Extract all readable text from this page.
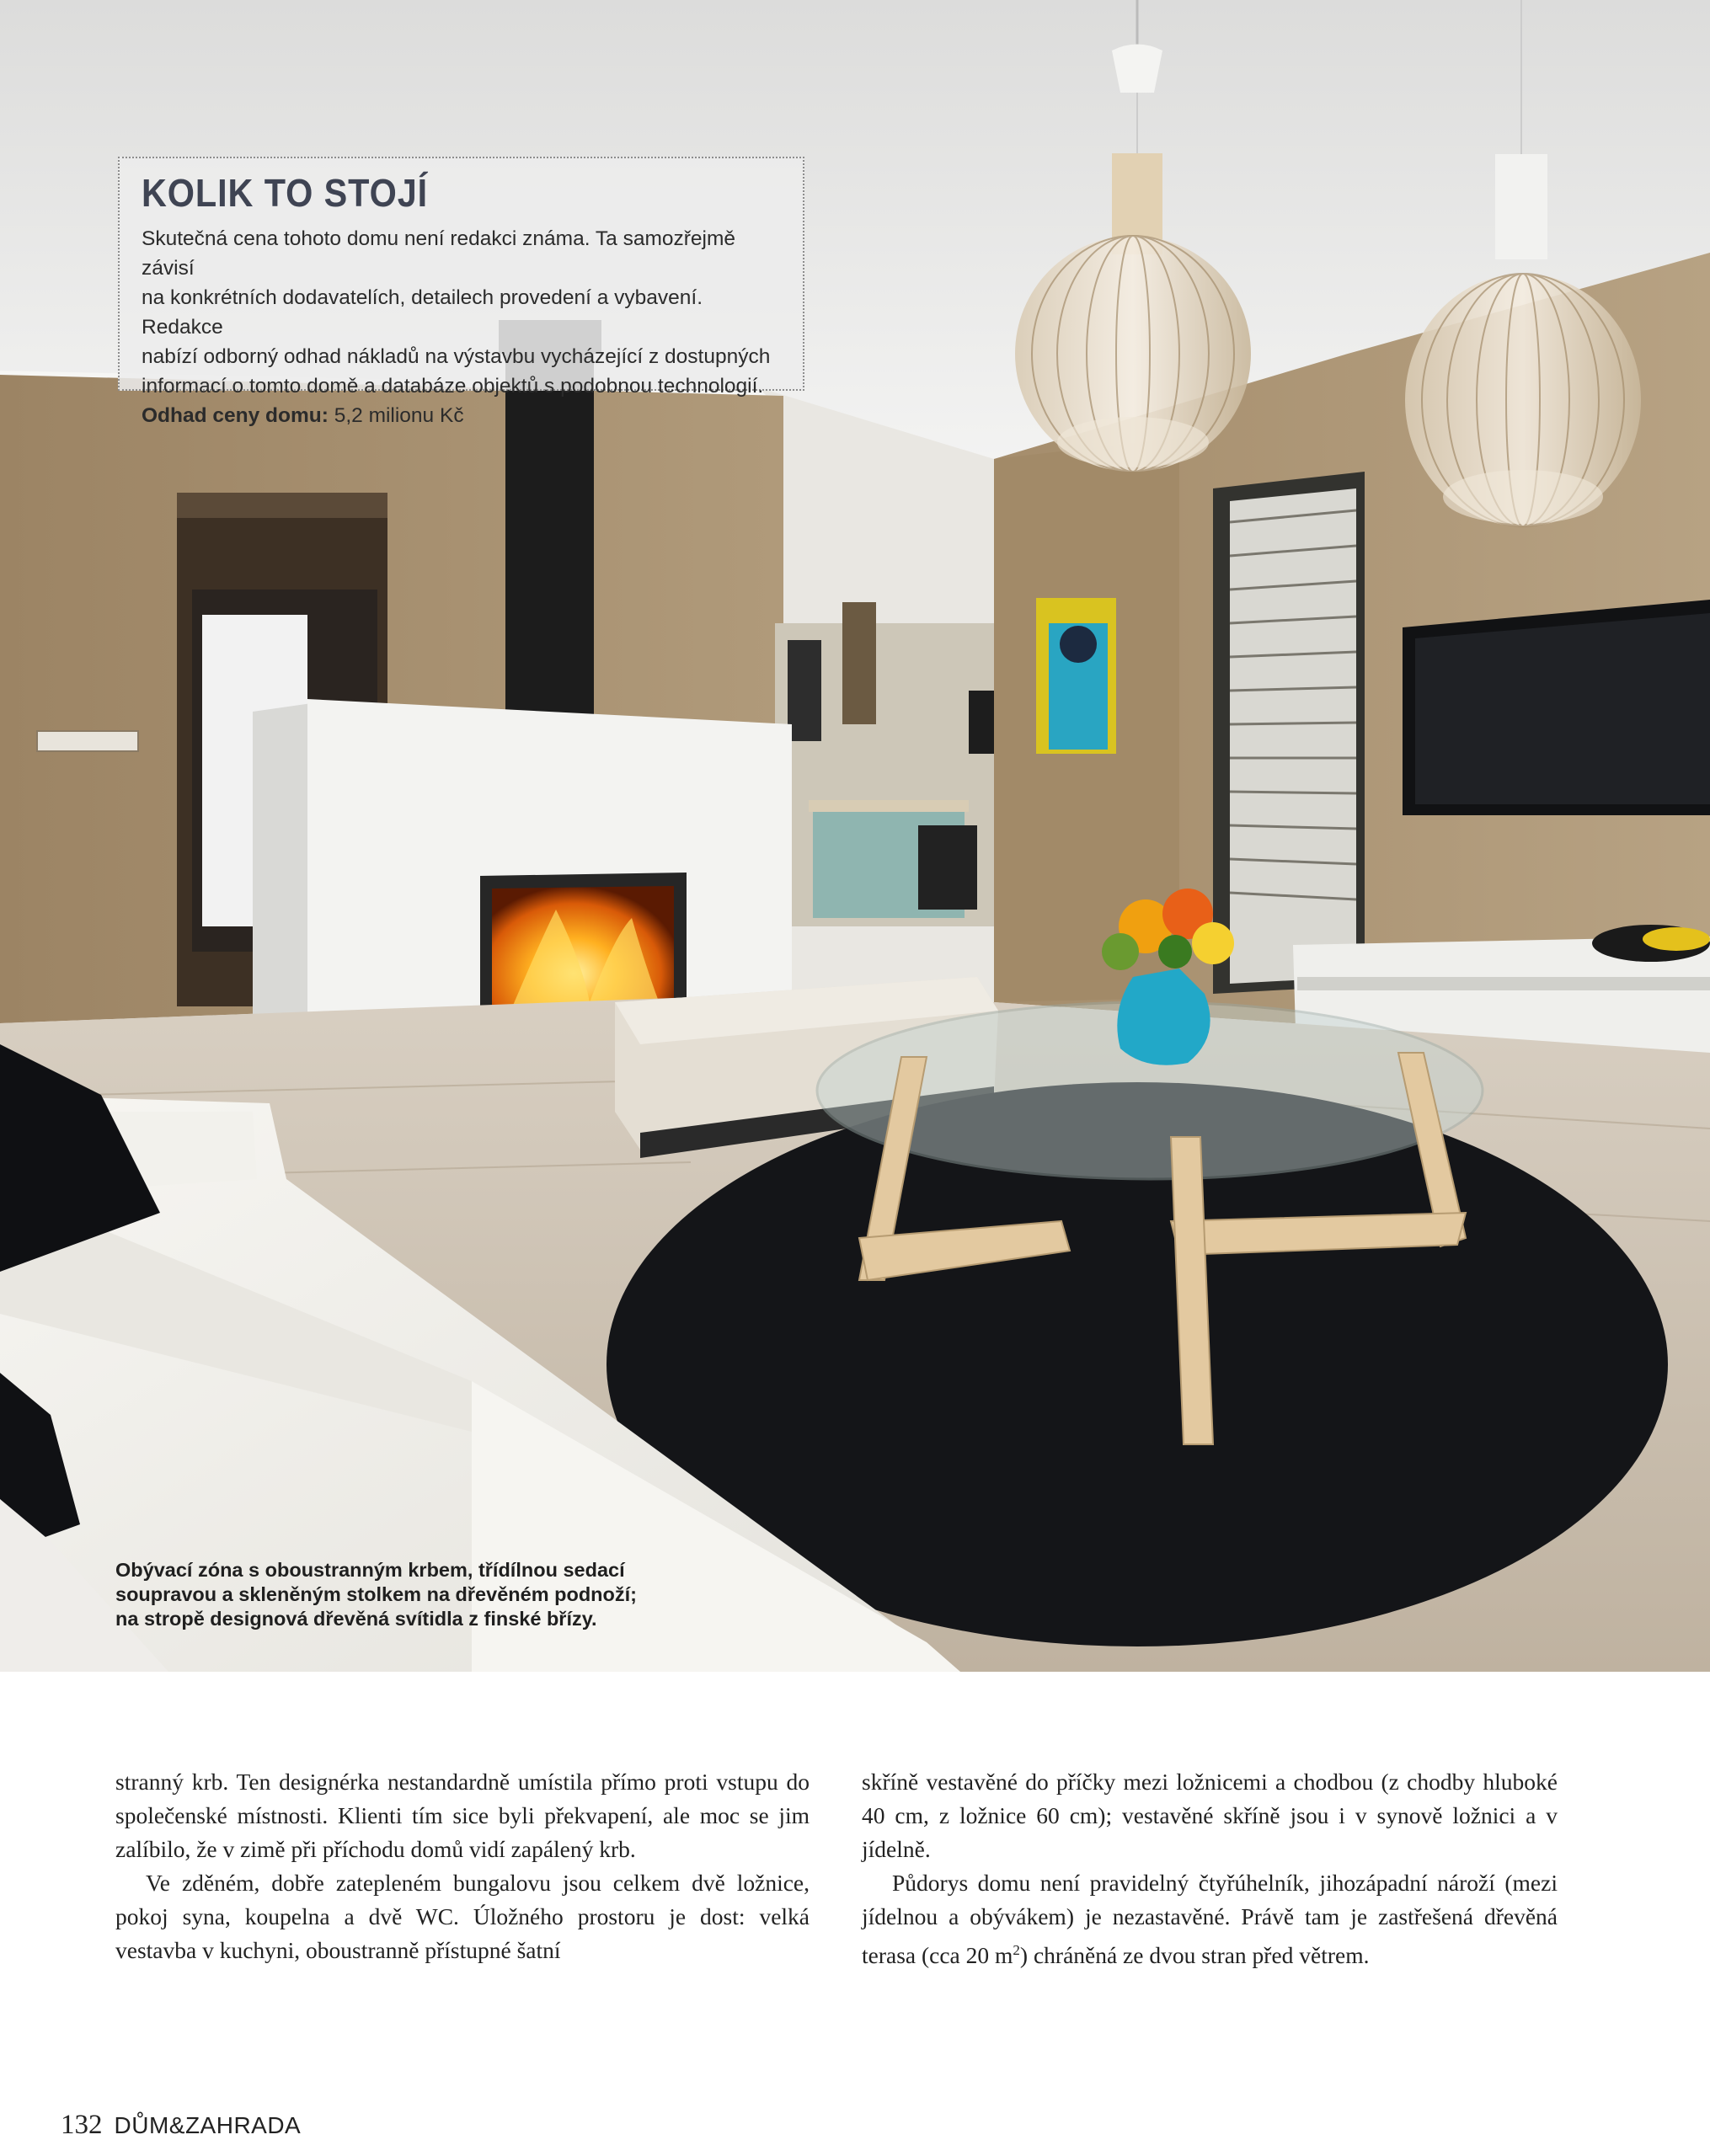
KOLIK TO STOJÍ

Skutečná cena tohoto domu není redakci známa. Ta samozřejmě závisí

na konkrétních dodavatelích, detailech provedení a vybavení. Redakce

nabízí odborný odhad nákladů na výstavbu vycházející z dostupných

informací o tomto domě a databáze objektů s podobnou technologií.

Odhad ceny domu: 5,2 milionu Kč

Obývací zóna s oboustranným krbem, třídílnou sedací
soupravou a skleněným stolkem na dřevěném podnoží;
na stropě designová dřevěná svítidla z finské břízy.

stranný krb. Ten designérka nestandardně umístila přímo proti vstupu do společenské místnosti. Klienti tím sice byli překvapení, ale moc se jim zalíbilo, že v zimě při příchodu domů vidí zapálený krb.

Ve zděném, dobře zatepleném bungalovu jsou celkem dvě ložnice, pokoj syna, koupelna a dvě WC. Úložného prostoru je dost: velká vestavba v kuchyni, oboustranně přístupné šatní

skříně vestavěné do příčky mezi ložnicemi a chodbou (z chodby hluboké 40 cm, z ložnice 60 cm); vestavěné skříně jsou i v synově ložnici a v jídelně.

Půdorys domu není pravidelný čtyřúhelník, jihozápadní nároží (mezi jídelnou a obývákem) je nezastavěné. Právě tam je zastřešená dřevěná terasa (cca 20 $m^2$) chráněná ze dvou stran před větrem.

132 DŮM&ZAHRADA
